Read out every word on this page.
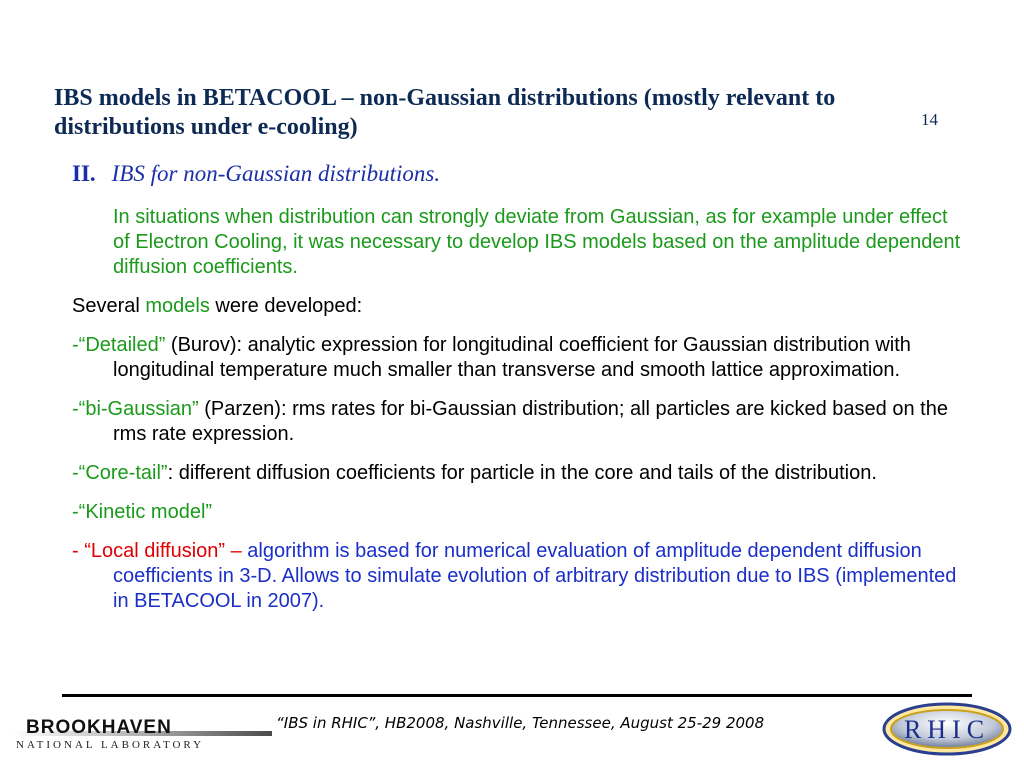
IBS models in BETACOOL – non-Gaussian distributions (mostly relevant to distributions under e-cooling)	14
II. IBS for non-Gaussian distributions.

In situations when distribution can strongly deviate from Gaussian, as for example under effect of Electron Cooling, it was necessary to develop IBS models based on the amplitude dependent diffusion coefficients.

Several models were developed:

-“Detailed” (Burov): analytic expression for longitudinal coefficient for Gaussian distribution with longitudinal temperature much smaller than transverse and smooth lattice approximation.

-“bi-Gaussian” (Parzen): rms rates for bi-Gaussian distribution; all particles are kicked based on the rms rate expression.

-“Core-tail”: different diffusion coefficients for particle in the core and tails of the distribution.

-“Kinetic model”

- “Local diffusion” – algorithm is based for numerical evaluation of amplitude dependent diffusion coefficients in 3-D. Allows to simulate evolution of arbitrary distribution due to IBS (implemented in BETACOOL in 2007).

BROOKHAVEN
NATIONAL LABORATORY
“IBS in RHIC”, HB2008, Nashville, Tennessee, August 25-29 2008	RHIC
